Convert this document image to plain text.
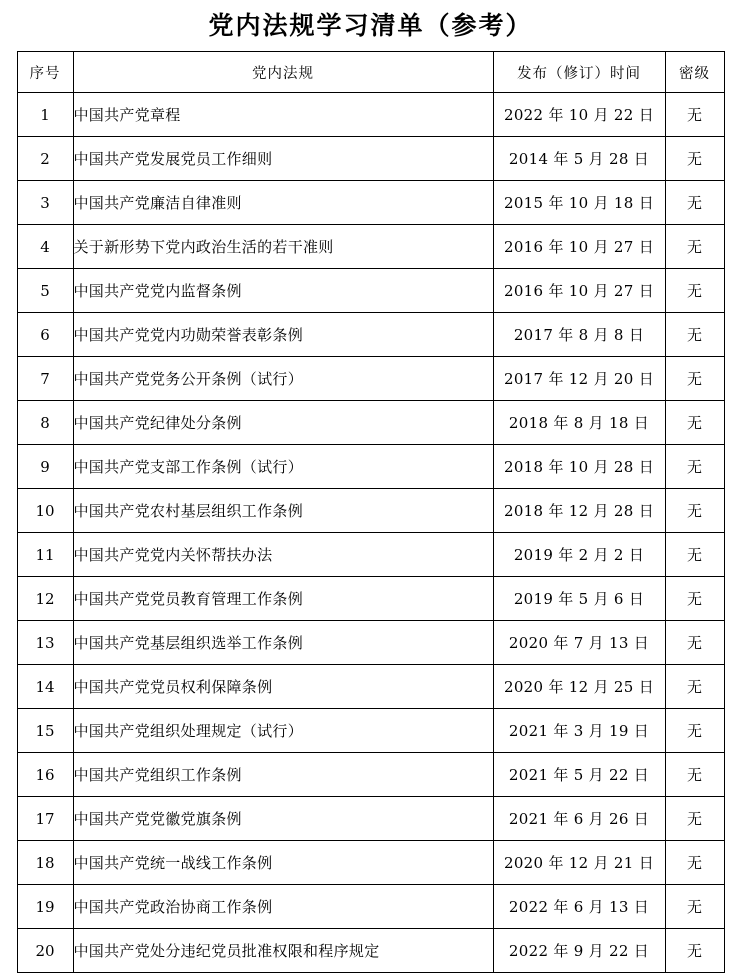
党内法规学习清单（参考）
序号	党内法规	发布（修订）时间	密级
1	中国共产党章程	2022 年 10 月 22 日	无
2	中国共产党发展党员工作细则	2014 年 5 月 28 日	无
3	中国共产党廉洁自律准则	2015 年 10 月 18 日	无
4	关于新形势下党内政治生活的若干准则	2016 年 10 月 27 日	无
5	中国共产党党内监督条例	2016 年 10 月 27 日	无
6	中国共产党党内功勋荣誉表彰条例	2017 年 8 月 8 日	无
7	中国共产党党务公开条例（试行）	2017 年 12 月 20 日	无
8	中国共产党纪律处分条例	2018 年 8 月 18 日	无
9	中国共产党支部工作条例（试行）	2018 年 10 月 28 日	无
10	中国共产党农村基层组织工作条例	2018 年 12 月 28 日	无
11	中国共产党党内关怀帮扶办法	2019 年 2 月 2 日	无
12	中国共产党党员教育管理工作条例	2019 年 5 月 6 日	无
13	中国共产党基层组织选举工作条例	2020 年 7 月 13 日	无
14	中国共产党党员权利保障条例	2020 年 12 月 25 日	无
15	中国共产党组织处理规定（试行）	2021 年 3 月 19 日	无
16	中国共产党组织工作条例	2021 年 5 月 22 日	无
17	中国共产党党徽党旗条例	2021 年 6 月 26 日	无
18	中国共产党统一战线工作条例	2020 年 12 月 21 日	无
19	中国共产党政治协商工作条例	2022 年 6 月 13 日	无
20	中国共产党处分违纪党员批准权限和程序规定	2022 年 9 月 22 日	无
